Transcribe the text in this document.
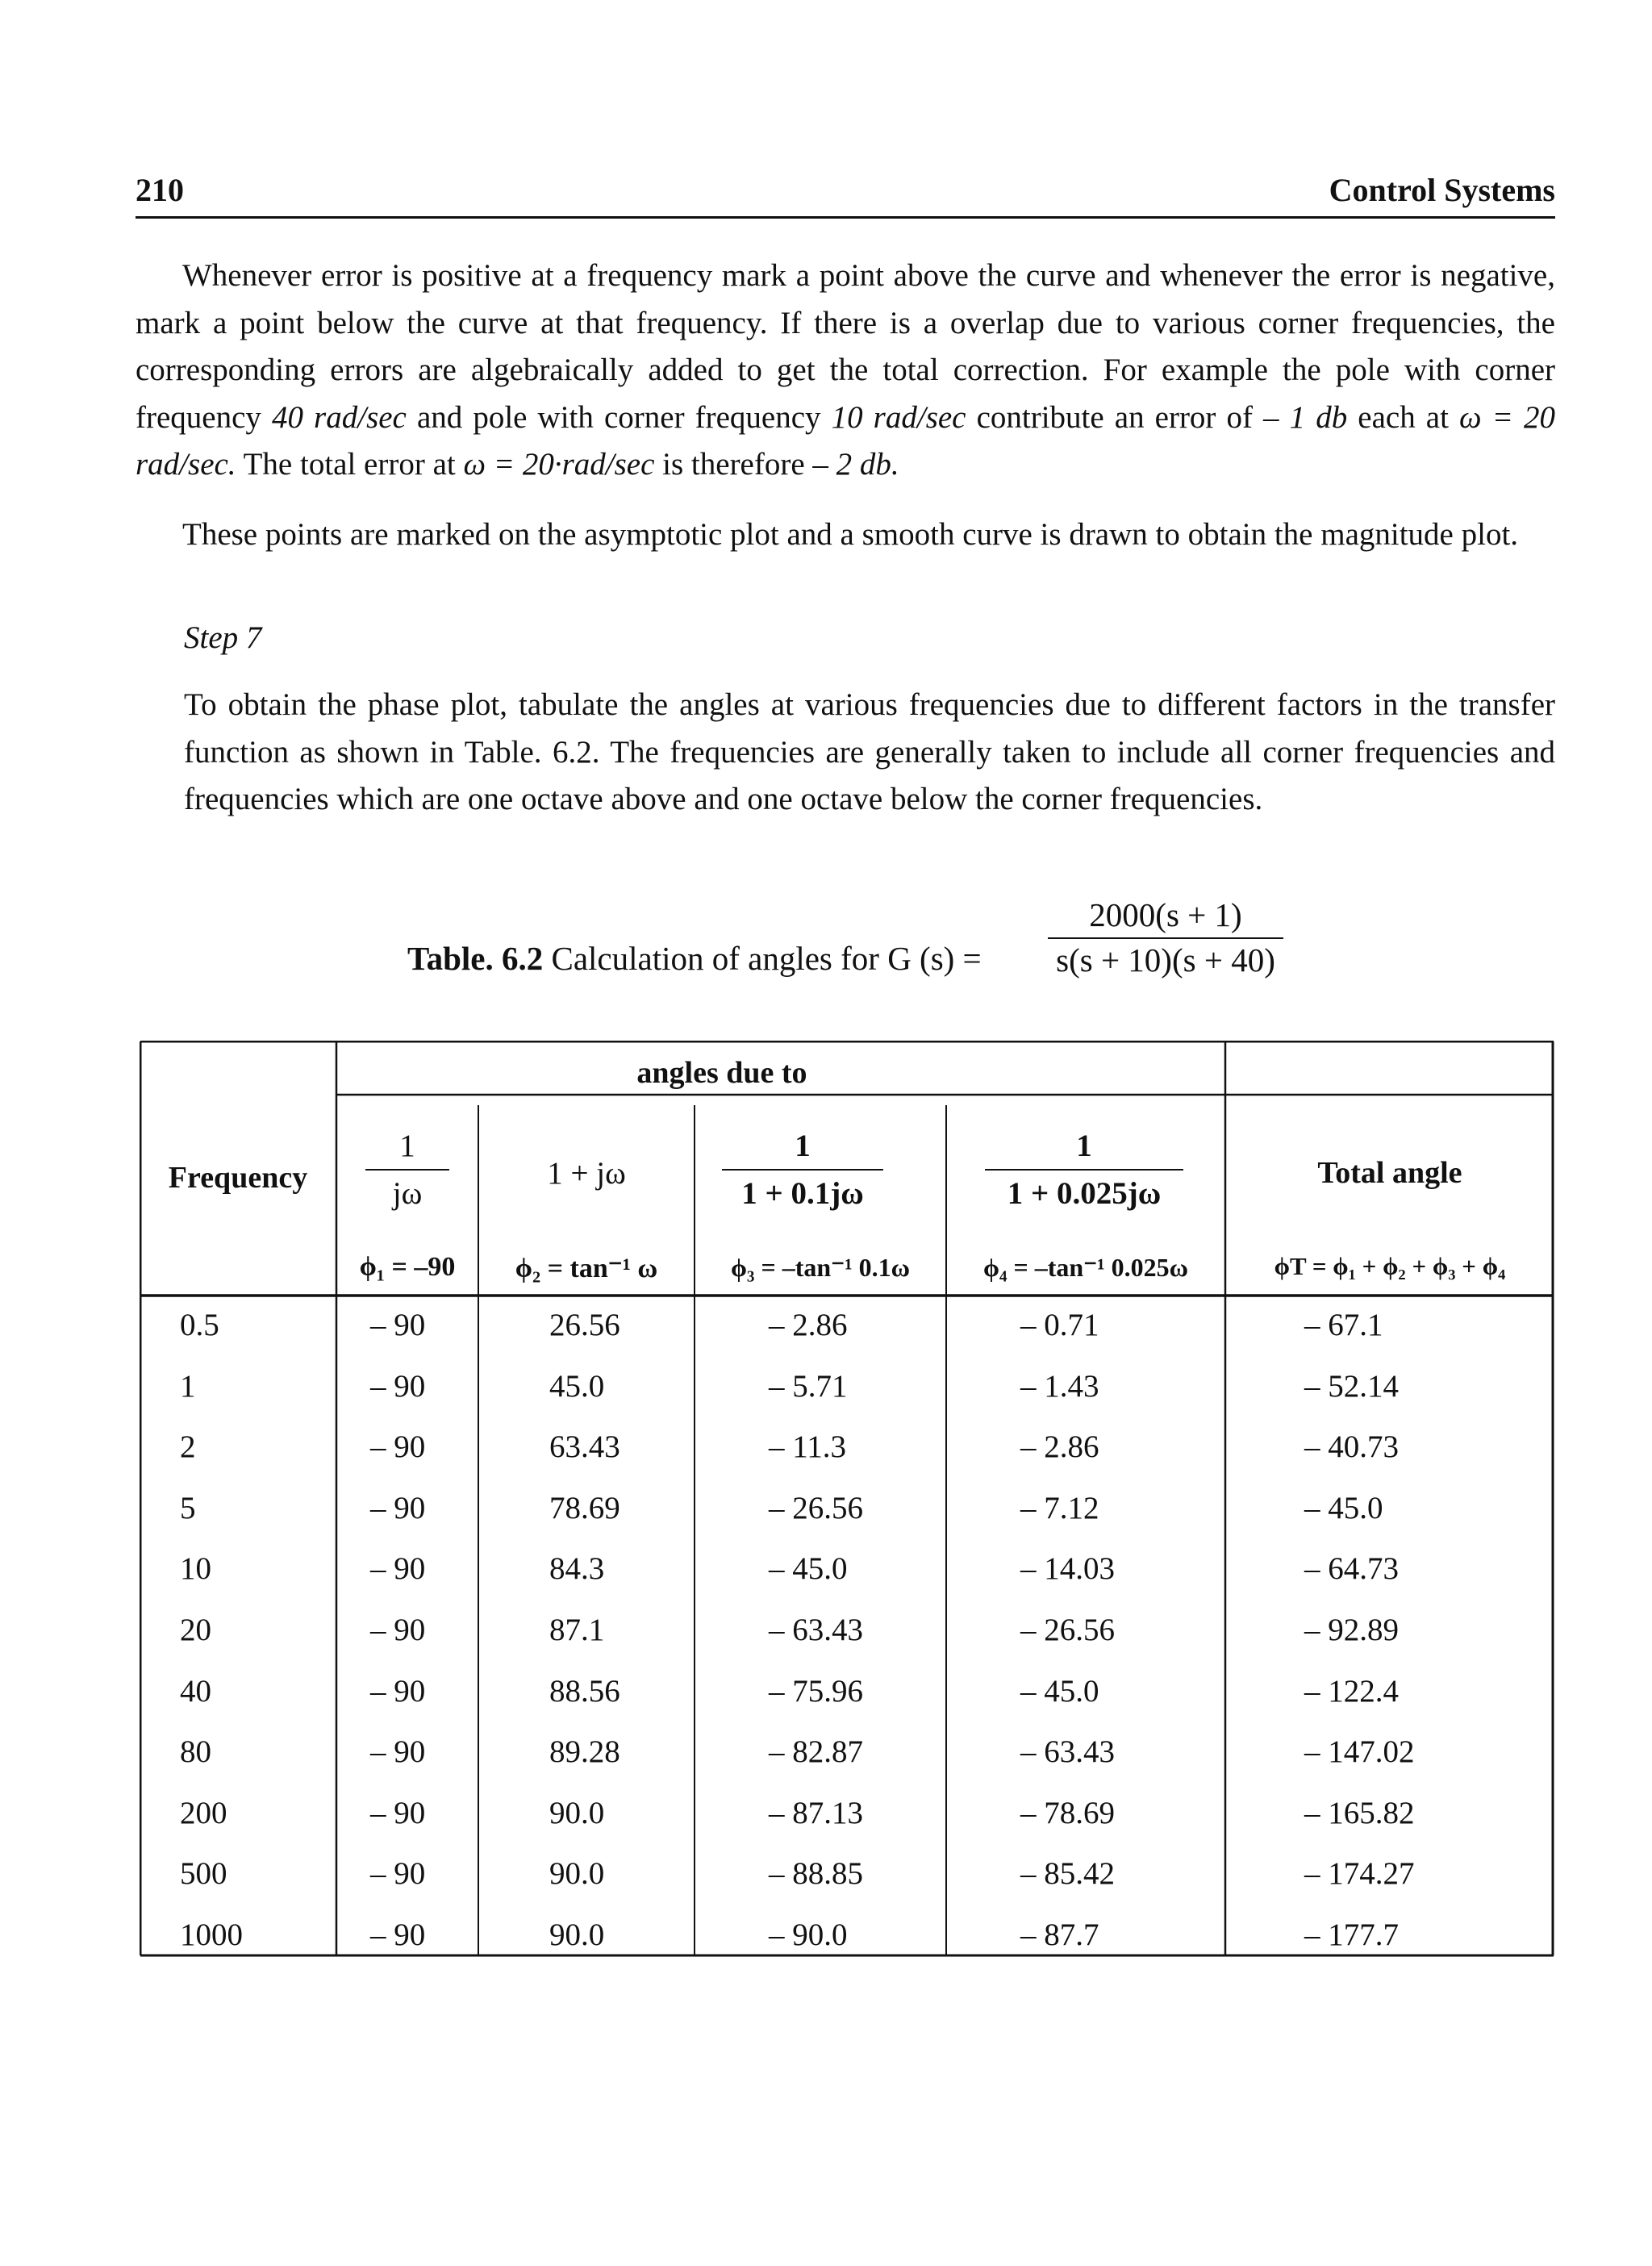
210	Control Systems

Whenever error is positive at a frequency mark a point above the curve and whenever the error is negative, mark a point below the curve at that frequency. If there is a overlap due to various corner frequencies, the corresponding errors are algebraically added to get the total correction. For example the pole with corner frequency 40 rad/sec and pole with corner frequency 10 rad/sec contribute an error of – 1 db each at ω = 20 rad/sec. The total error at ω = 20·rad/sec is therefore – 2 db.

These points are marked on the asymptotic plot and a smooth curve is drawn to obtain the magnitude plot.

Step 7

To obtain the phase plot, tabulate the angles at various frequencies due to different factors in the transfer function as shown in Table. 6.2. The frequencies are generally taken to include all corner frequencies and frequencies which are one octave above and one octave below the corner frequencies.

Table. 6.2 Calculation of angles for G $(s) = \frac{2000(s + 1)}{s(s + 10)(s + 40)}$
angles due to
Frequency	Total angle
$\frac{1}{j\omega}$	1 + jω	$\frac{1}{1 + 0.1j\omega}$	$\frac{1}{1 + 0.025j\omega}$
ϕ₁ = –90	ϕ₂ = tan⁻¹ ω	ϕ₃ = –tan⁻¹ 0.1ω	ϕ₄ = –tan⁻¹ 0.025ω	ϕT = ϕ₁ + ϕ₂ + ϕ₃ + ϕ₄
0.5	– 90	26.56	– 2.86	– 0.71	– 67.1
1	– 90	45.0	– 5.71	– 1.43	– 52.14
2	– 90	63.43	– 11.3	– 2.86	– 40.73
5	– 90	78.69	– 26.56	– 7.12	– 45.0
10	– 90	84.3	– 45.0	– 14.03	– 64.73
20	– 90	87.1	– 63.43	– 26.56	– 92.89
40	– 90	88.56	– 75.96	– 45.0	– 122.4
80	– 90	89.28	– 82.87	– 63.43	– 147.02
200	– 90	90.0	– 87.13	– 78.69	– 165.82
500	– 90	90.0	– 88.85	– 85.42	– 174.27
1000	– 90	90.0	– 90.0	– 87.7	– 177.7
